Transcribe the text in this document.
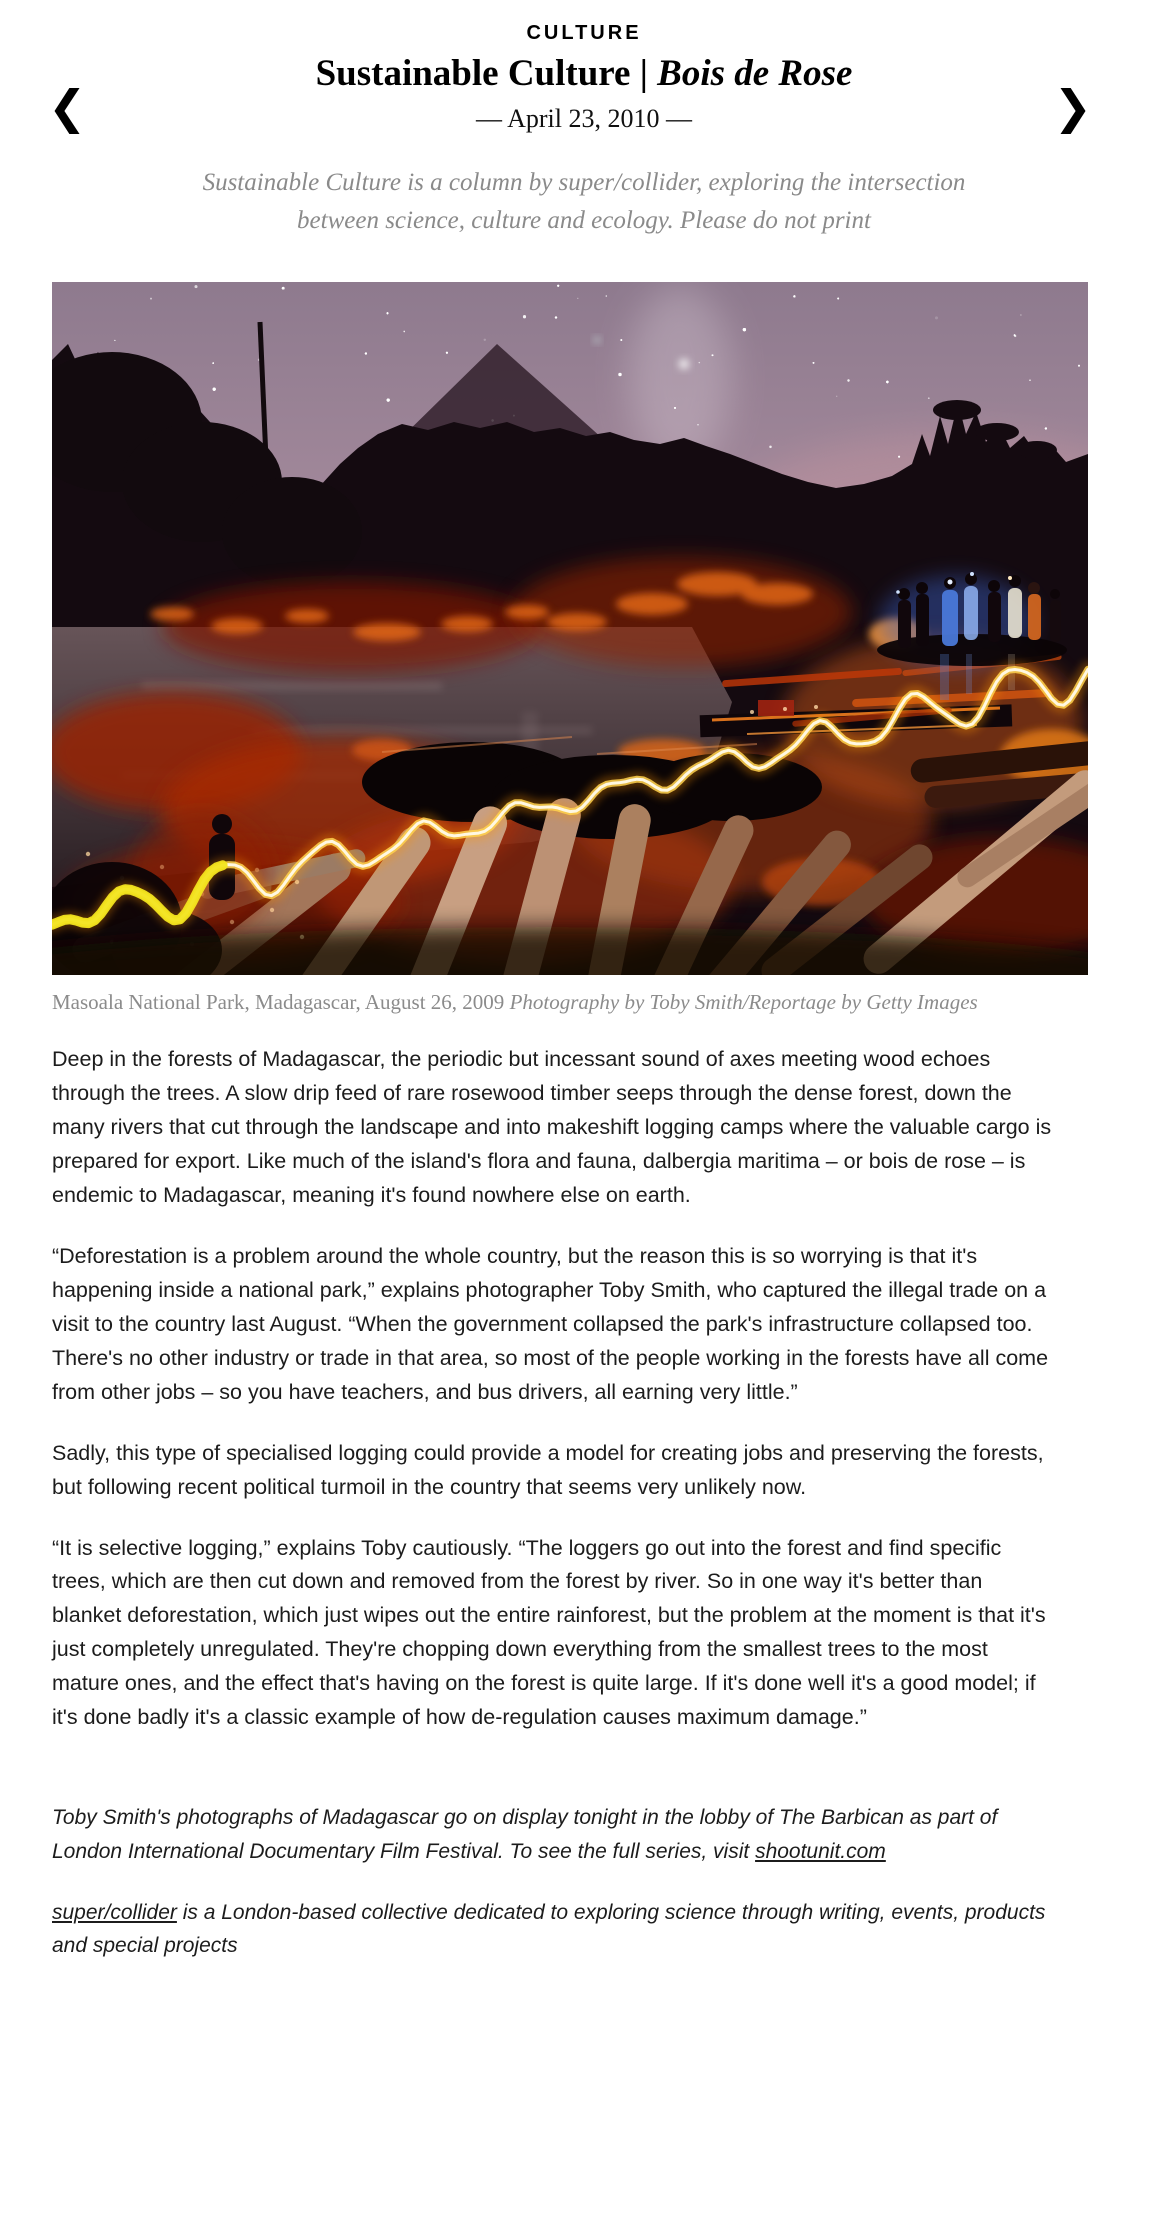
CULTURE
Sustainable Culture | Bois de Rose
— April 23, 2010 —
❮	❯

Sustainable Culture is a column by super/collider, exploring the intersection between science, culture and ecology. Please do not print

Masoala National Park, Madagascar, August 26, 2009 Photography by Toby Smith/Reportage by Getty Images

Deep in the forests of Madagascar, the periodic but incessant sound of axes meeting wood echoes through the trees. A slow drip feed of rare rosewood timber seeps through the dense forest, down the many rivers that cut through the landscape and into makeshift logging camps where the valuable cargo is prepared for export. Like much of the island's flora and fauna, dalbergia maritima – or bois de rose – is endemic to Madagascar, meaning it's found nowhere else on earth.

“Deforestation is a problem around the whole country, but the reason this is so worrying is that it's happening inside a national park,” explains photographer Toby Smith, who captured the illegal trade on a visit to the country last August. “When the government collapsed the park's infrastructure collapsed too. There's no other industry or trade in that area, so most of the people working in the forests have all come from other jobs – so you have teachers, and bus drivers, all earning very little.”

Sadly, this type of specialised logging could provide a model for creating jobs and preserving the forests, but following recent political turmoil in the country that seems very unlikely now.

“It is selective logging,” explains Toby cautiously. “The loggers go out into the forest and find specific trees, which are then cut down and removed from the forest by river. So in one way it's better than blanket deforestation, which just wipes out the entire rainforest, but the problem at the moment is that it's just completely unregulated. They're chopping down everything from the smallest trees to the most mature ones, and the effect that's having on the forest is quite large. If it's done well it's a good model; if it's done badly it's a classic example of how de-regulation causes maximum damage.”

Toby Smith's photographs of Madagascar go on display tonight in the lobby of The Barbican as part of London International Documentary Film Festival. To see the full series, visit shootunit.com

super/collider is a London-based collective dedicated to exploring science through writing, events, products and special projects
